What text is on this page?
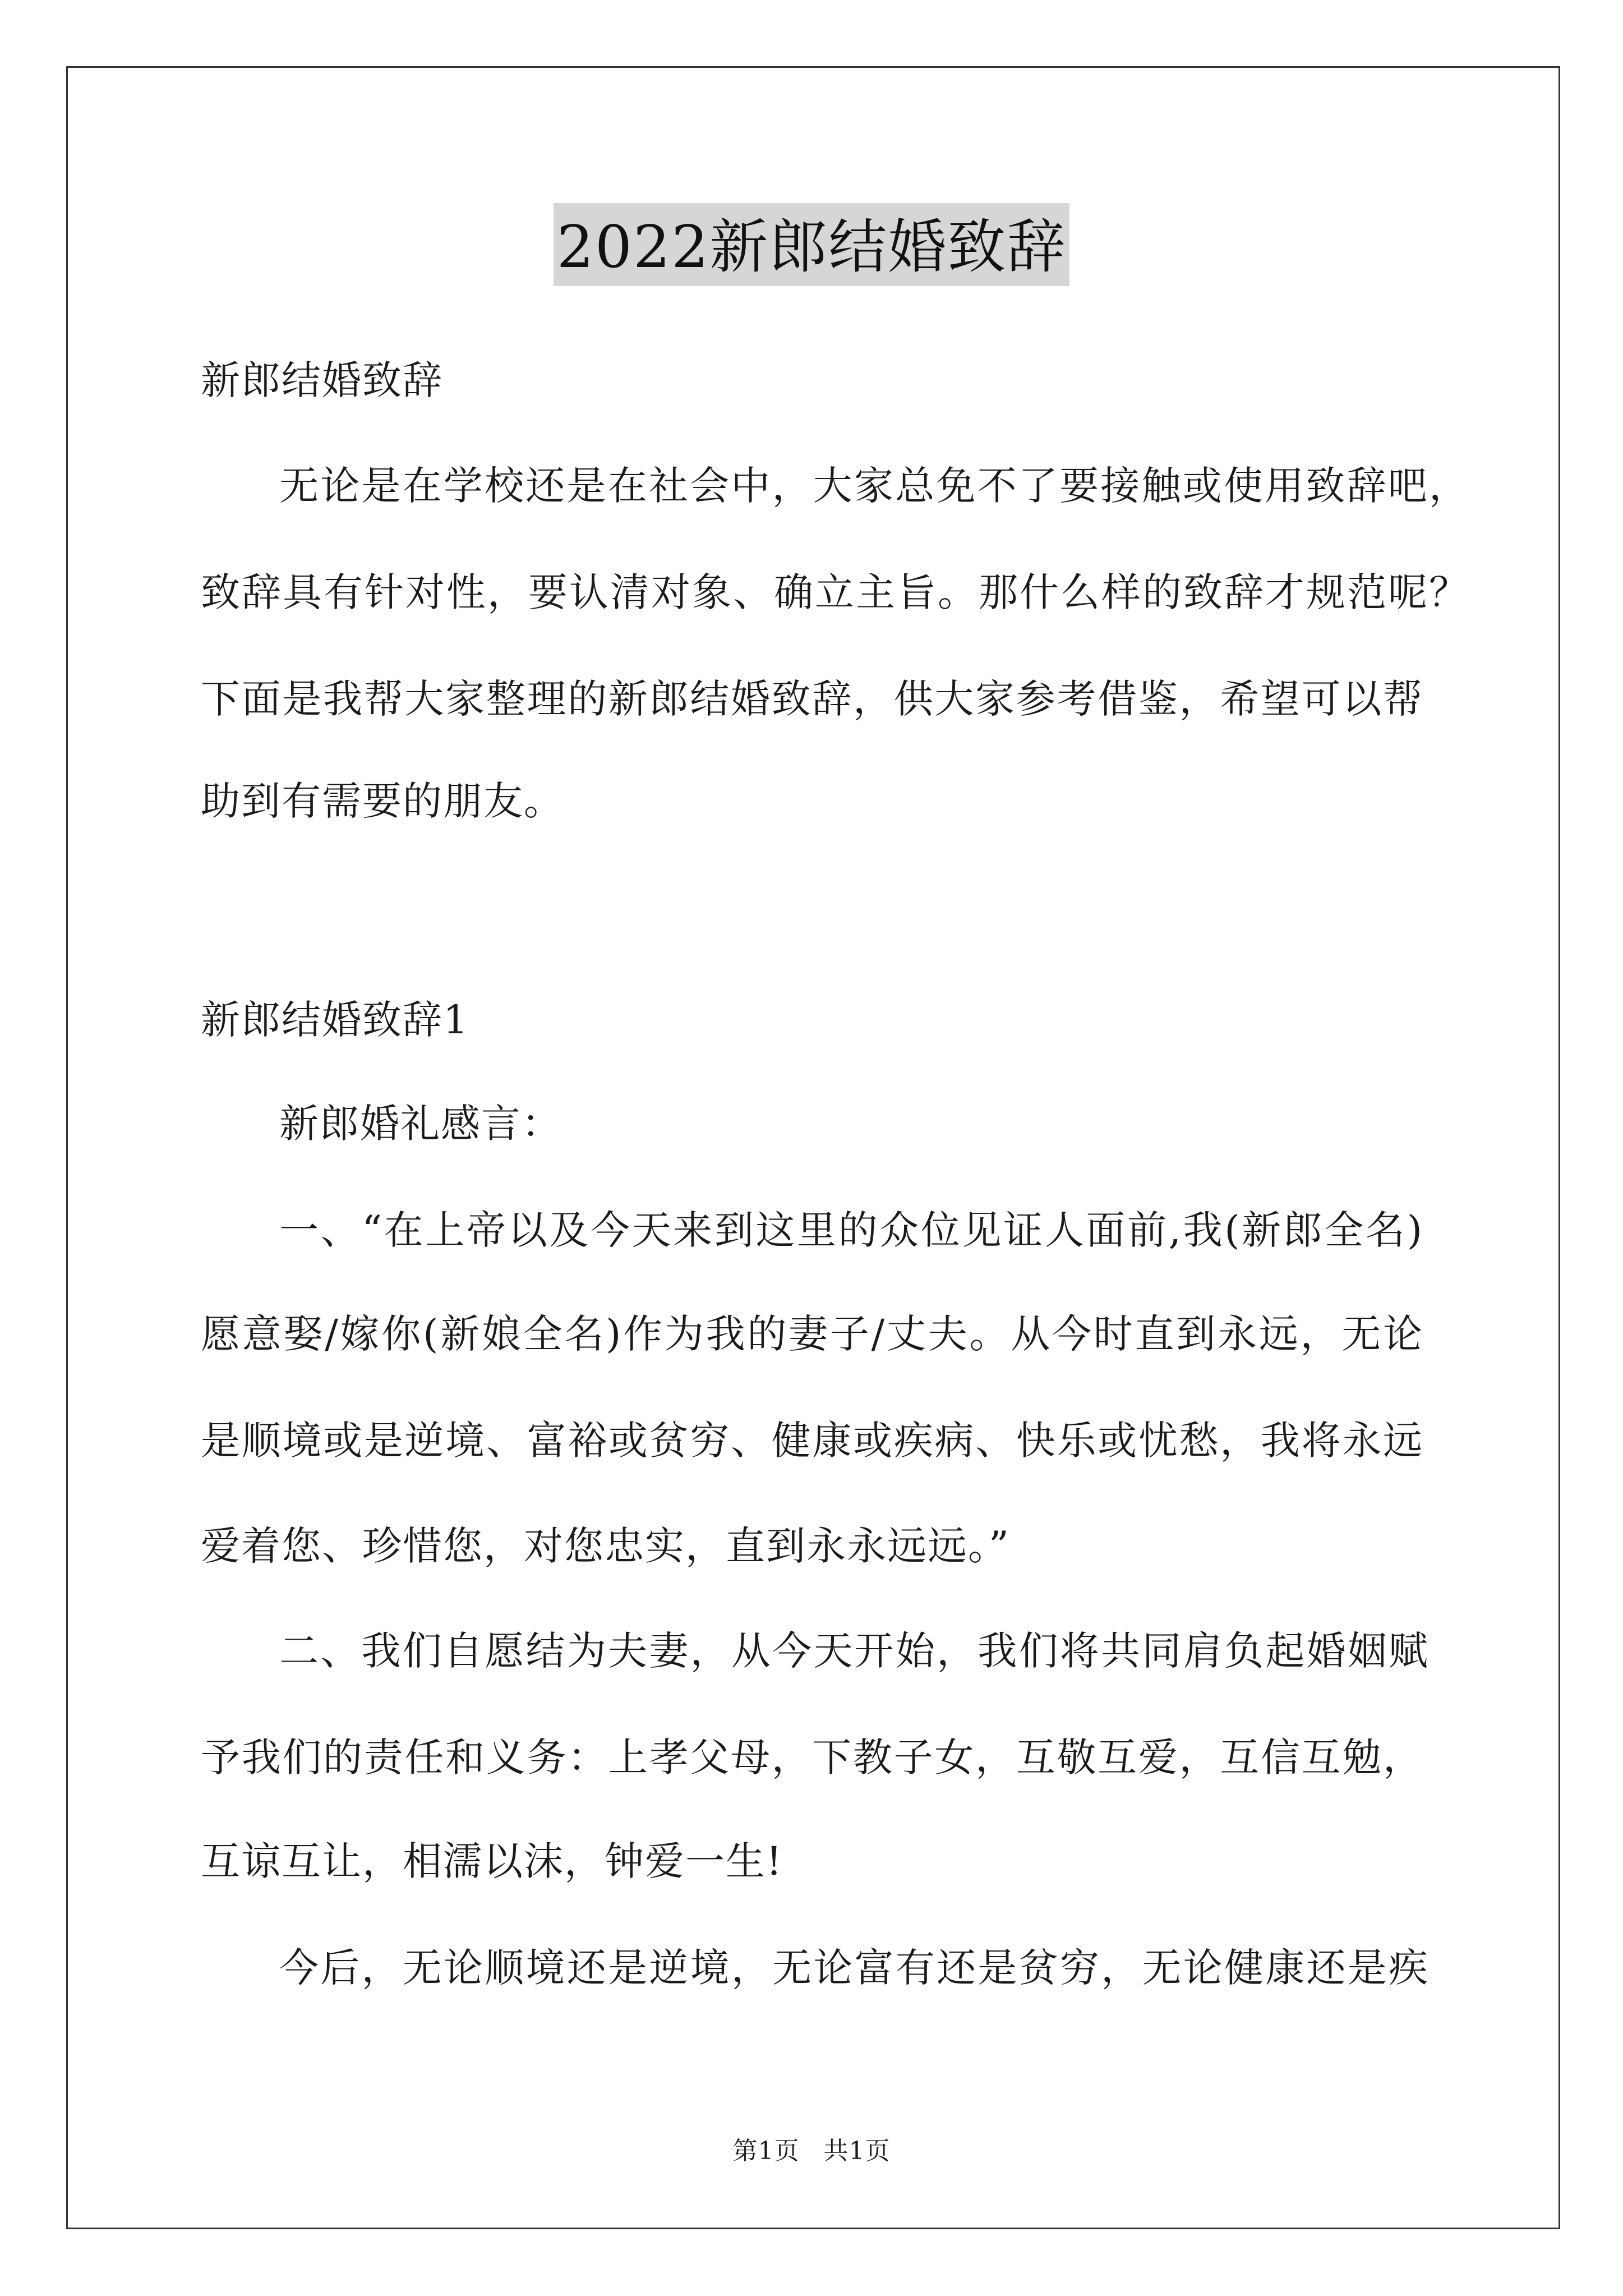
2022新郎结婚致辞
新郎结婚致辞
无论是在学校还是在社会中，大家总免不了要接触或使用致辞吧，
致辞具有针对性，要认清对象、确立主旨。那什么样的致辞才规范呢？
下面是我帮大家整理的新郎结婚致辞，供大家参考借鉴，希望可以帮
助到有需要的朋友。
新郎结婚致辞1
新郎婚礼感言：
一、“在上帝以及今天来到这里的众位见证人面前,我(新郎全名)
愿意娶/嫁你(新娘全名)作为我的妻子/丈夫。从今时直到永远，无论
是顺境或是逆境、富裕或贫穷、健康或疾病、快乐或忧愁，我将永远
爱着您、珍惜您，对您忠实，直到永永远远。”
二、我们自愿结为夫妻，从今天开始，我们将共同肩负起婚姻赋
予我们的责任和义务：上孝父母，下教子女，互敬互爱，互信互勉，
互谅互让，相濡以沫，钟爱一生!
今后，无论顺境还是逆境，无论富有还是贫穷，无论健康还是疾
第1页 共1页
